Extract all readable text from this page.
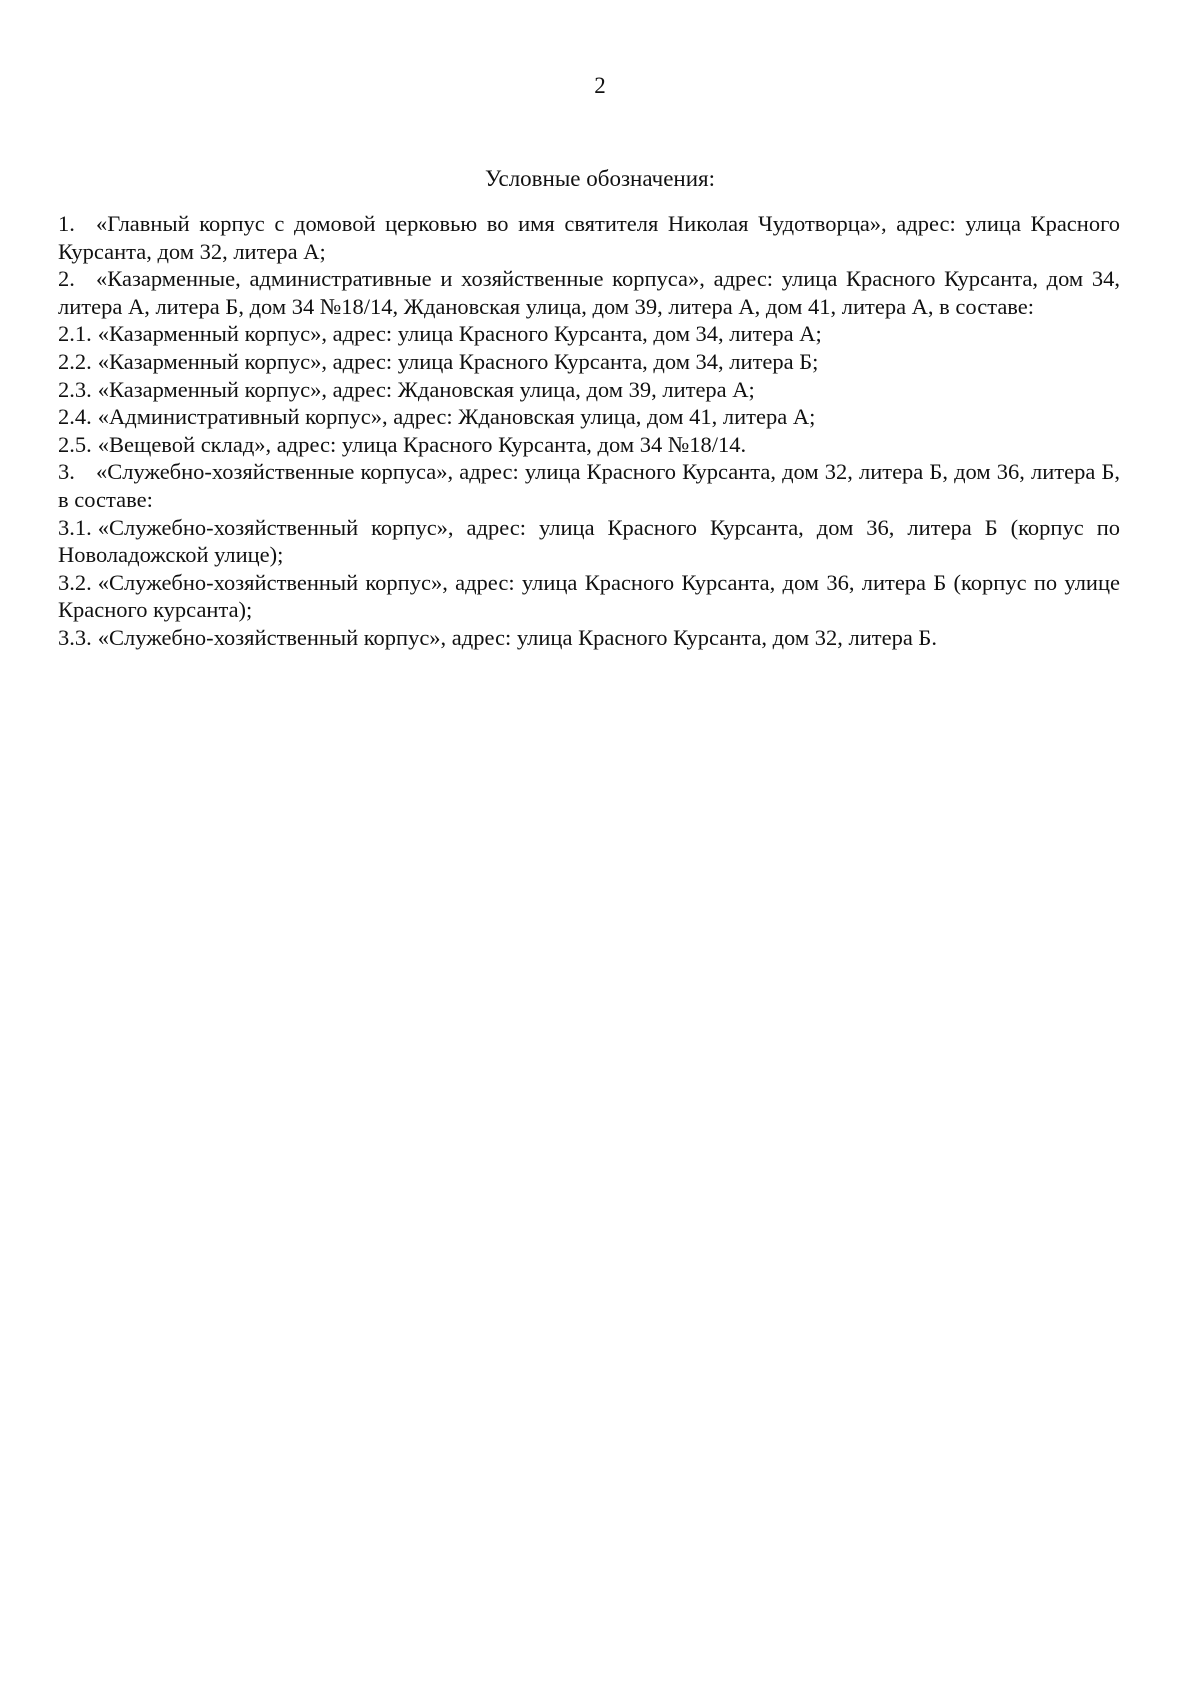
2
Условные обозначения:

1. «Главный корпус с домовой церковью во имя святителя Николая Чудотворца», адрес: улица Красного Курсанта, дом 32, литера А;

2. «Казарменные, административные и хозяйственные корпуса», адрес: улица Красного Курсанта, дом 34, литера А, литера Б, дом 34 №18/14, Ждановская улица, дом 39, литера А, дом 41, литера А, в составе:

2.1. «Казарменный корпус», адрес: улица Красного Курсанта, дом 34, литера А;

2.2. «Казарменный корпус», адрес: улица Красного Курсанта, дом 34, литера Б;

2.3. «Казарменный корпус», адрес: Ждановская улица, дом 39, литера А;

2.4. «Административный корпус», адрес: Ждановская улица, дом 41, литера А;

2.5. «Вещевой склад», адрес: улица Красного Курсанта, дом 34 №18/14.

3. «Служебно-хозяйственные корпуса», адрес: улица Красного Курсанта, дом 32, литера Б, дом 36, литера Б, в составе:

3.1. «Служебно-хозяйственный корпус», адрес: улица Красного Курсанта, дом 36, литера Б (корпус по Новоладожской улице);

3.2. «Служебно-хозяйственный корпус», адрес: улица Красного Курсанта, дом 36, литера Б (корпус по улице Красного курсанта);

3.3. «Служебно-хозяйственный корпус», адрес: улица Красного Курсанта, дом 32, литера Б.
